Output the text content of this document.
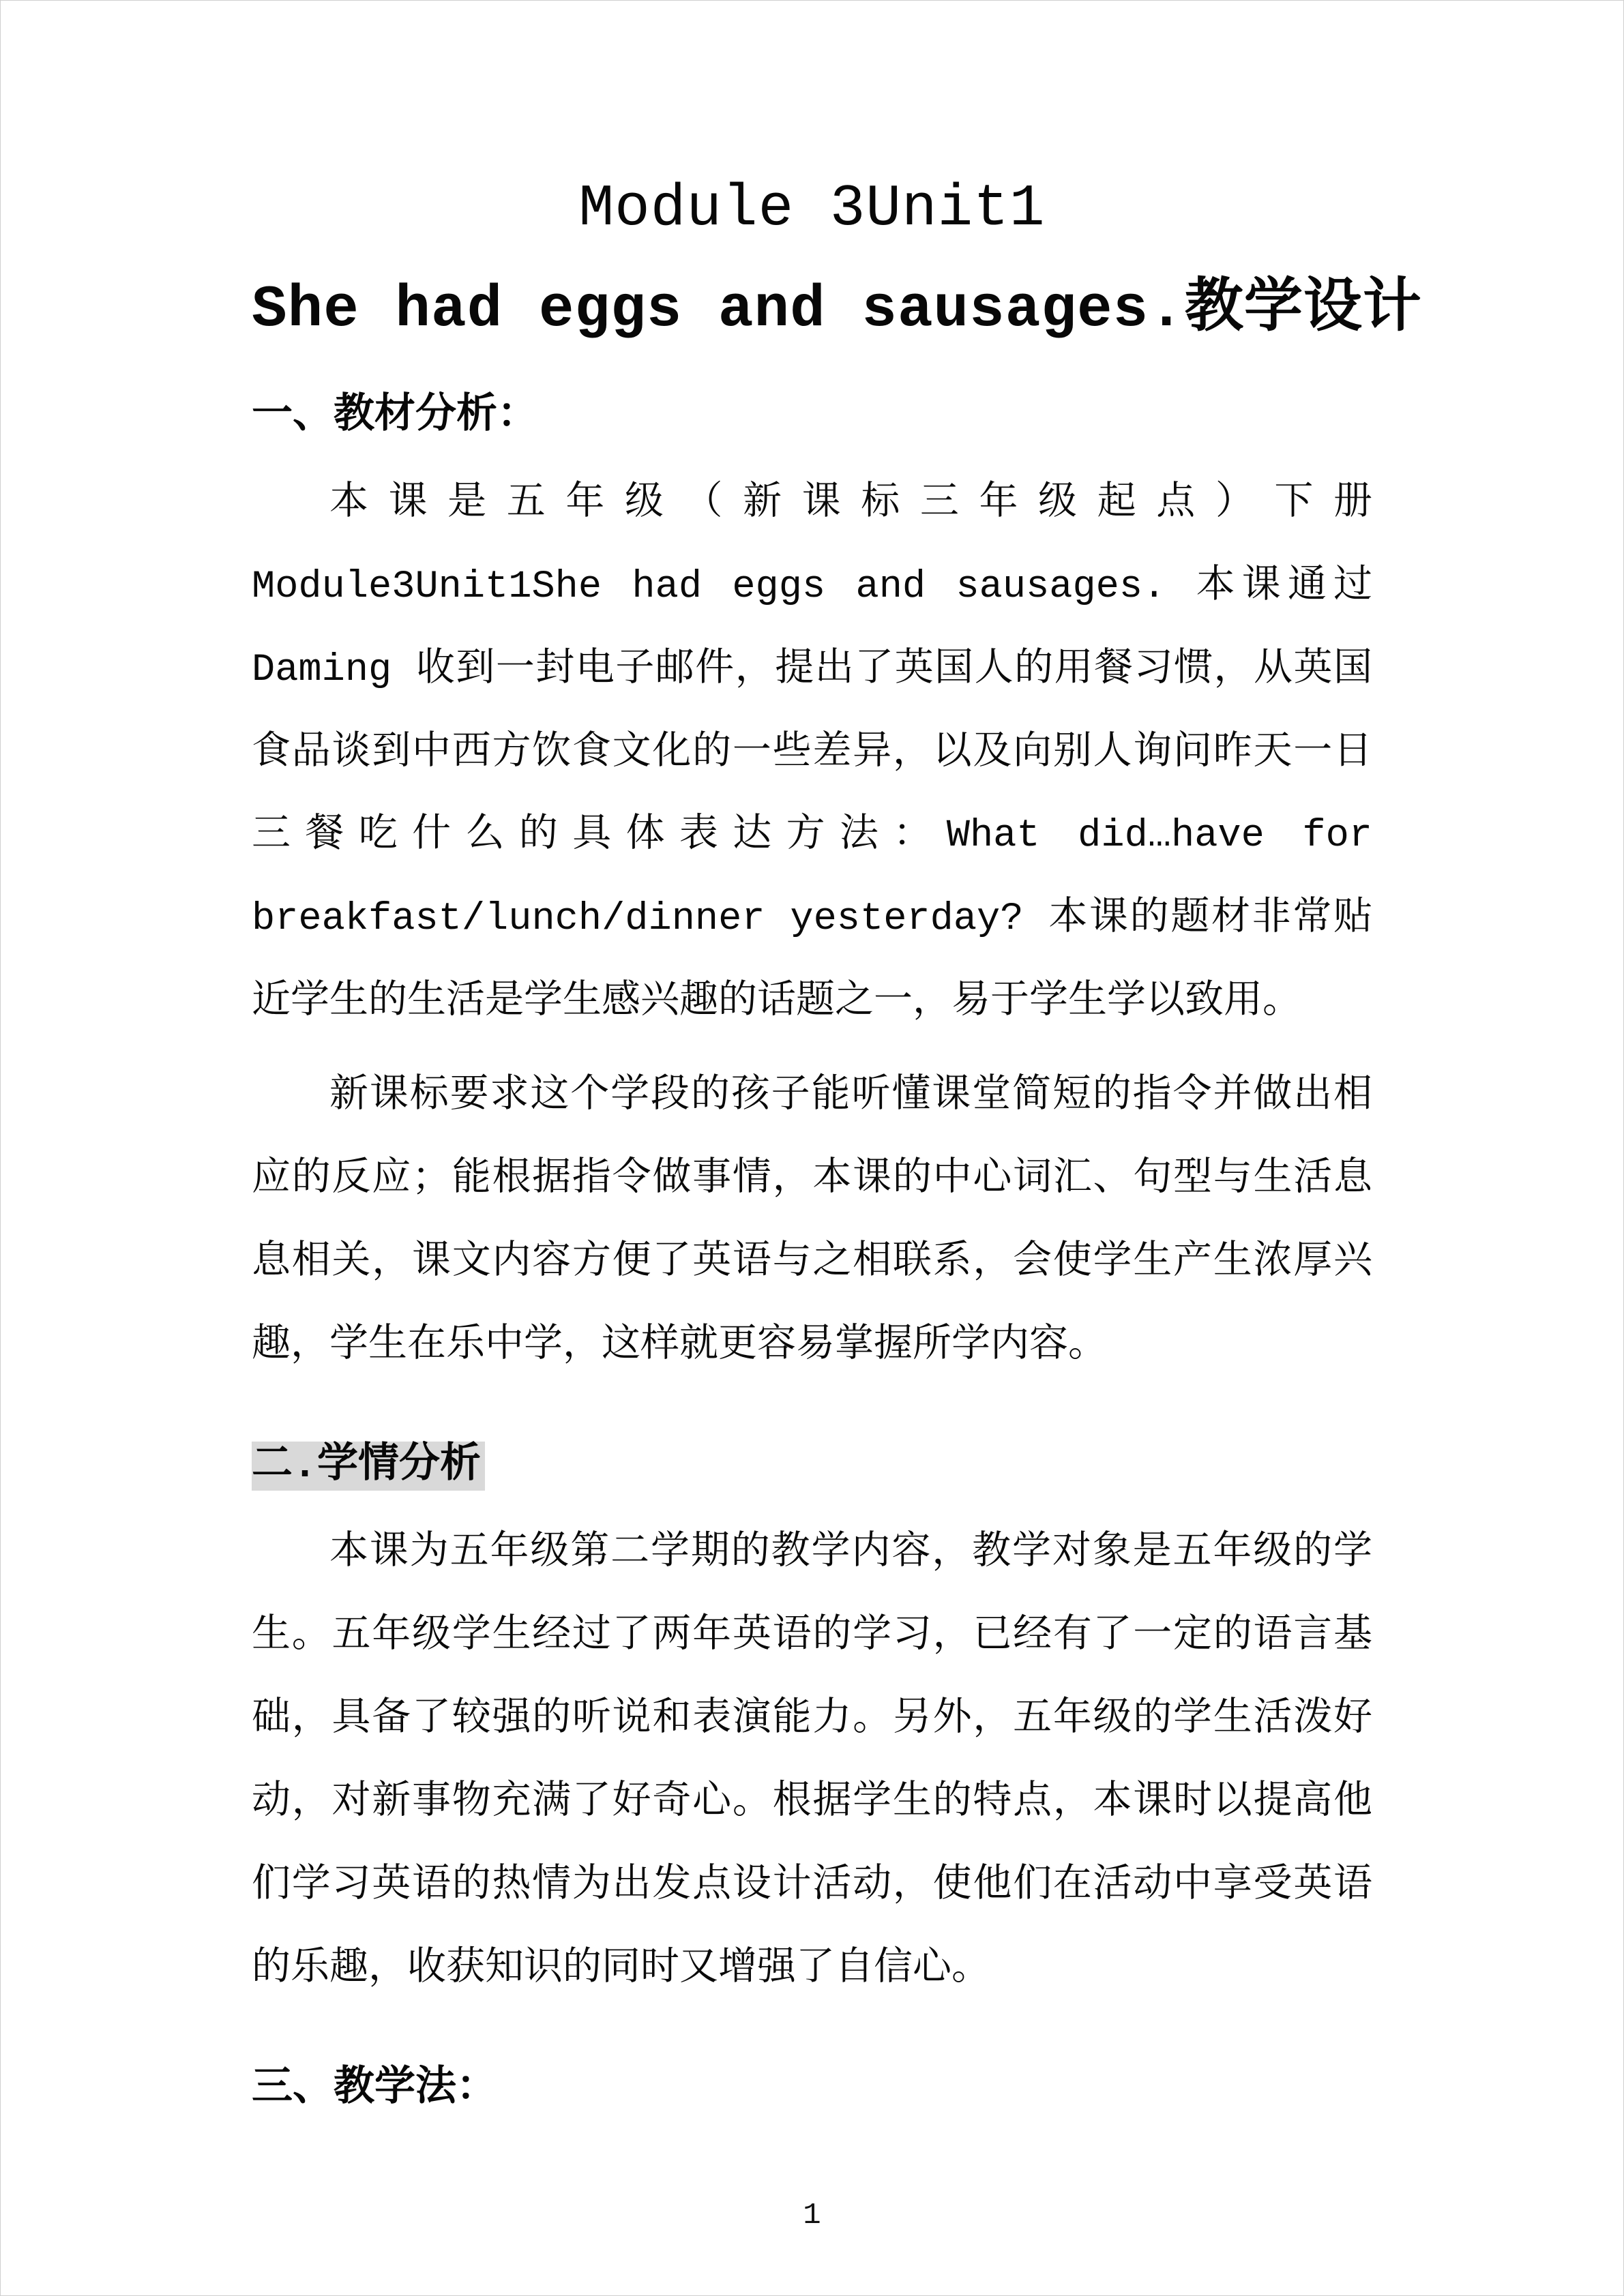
Module 3Unit1
She had eggs and sausages.教学设计
一、教材分析：

本课是五年级（新课标三年级起点）下册 Module3Unit1She had eggs and sausages. 本课通过 Daming 收到一封电子邮件，提出了英国人的用餐习惯，从英国食品谈到中西方饮食文化的一些差异，以及向别人询问昨天一日三餐吃什么的具体表达方法：What did…have for breakfast/lunch/dinner yesterday? 本课的题材非常贴近学生的生活是学生感兴趣的话题之一，易于学生学以致用。

新课标要求这个学段的孩子能听懂课堂简短的指令并做出相应的反应；能根据指令做事情，本课的中心词汇、句型与生活息息相关，课文内容方便了英语与之相联系，会使学生产生浓厚兴趣，学生在乐中学，这样就更容易掌握所学内容。

二.学情分析

本课为五年级第二学期的教学内容，教学对象是五年级的学生。五年级学生经过了两年英语的学习，已经有了一定的语言基础，具备了较强的听说和表演能力。另外，五年级的学生活泼好动，对新事物充满了好奇心。根据学生的特点，本课时以提高他们学习英语的热情为出发点设计活动，使他们在活动中享受英语的乐趣，收获知识的同时又增强了自信心。

三、教学法：
1
